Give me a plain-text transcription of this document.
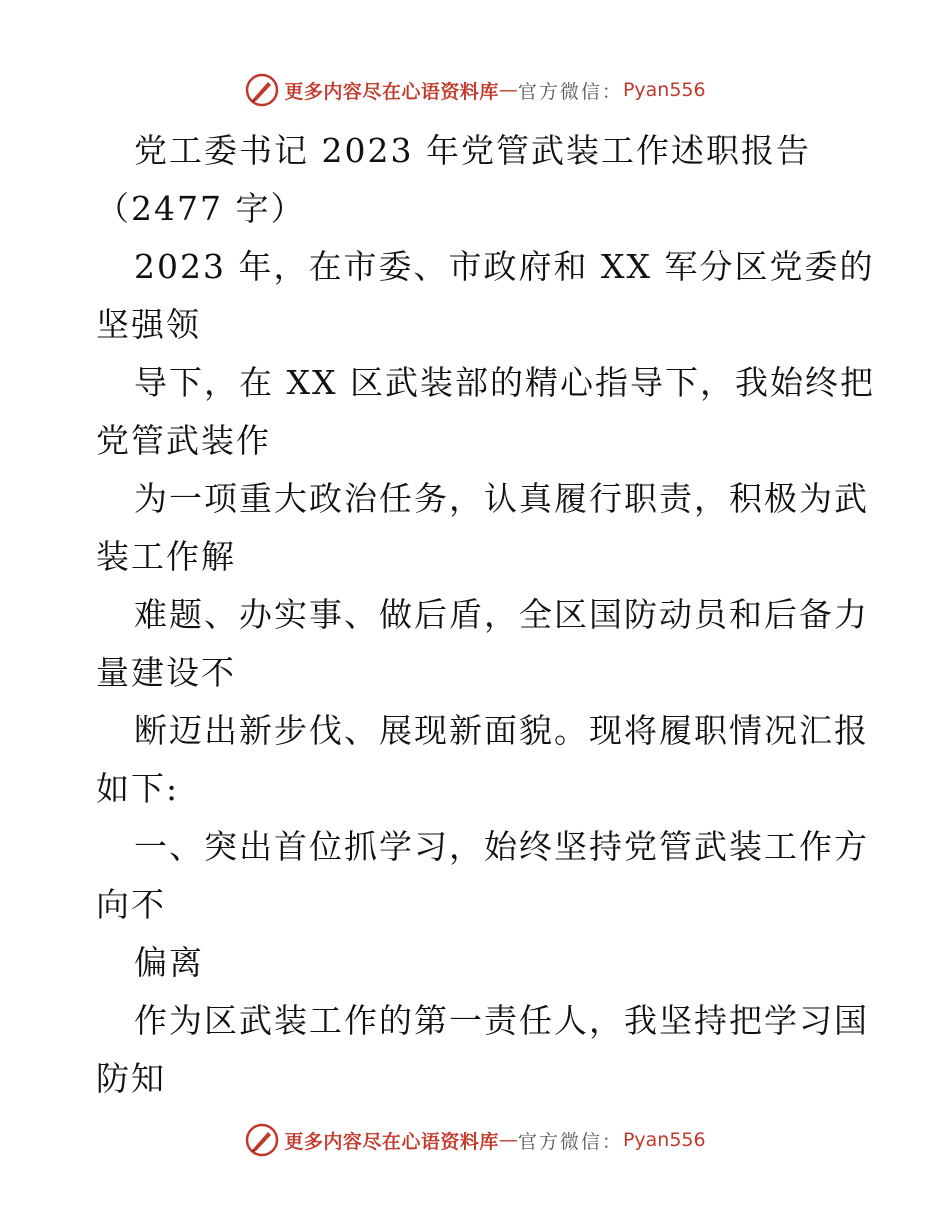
更多内容尽在心语资料库 — 官方微信： Pyan556
党工委书记 2023 年党管武装工作述职报告
（2477 字）
2023 年，在市委、市政府和 XX 军分区党委的
坚强领
导下，在 XX 区武装部的精心指导下，我始终把
党管武装作
为一项重大政治任务，认真履行职责，积极为武
装工作解
难题、办实事、做后盾，全区国防动员和后备力
量建设不
断迈出新步伐、展现新面貌。现将履职情况汇报
如下:
一、突出首位抓学习，始终坚持党管武装工作方
向不
偏离
作为区武装工作的第一责任人，我坚持把学习国
防知
更多内容尽在心语资料库 — 官方微信： Pyan556
